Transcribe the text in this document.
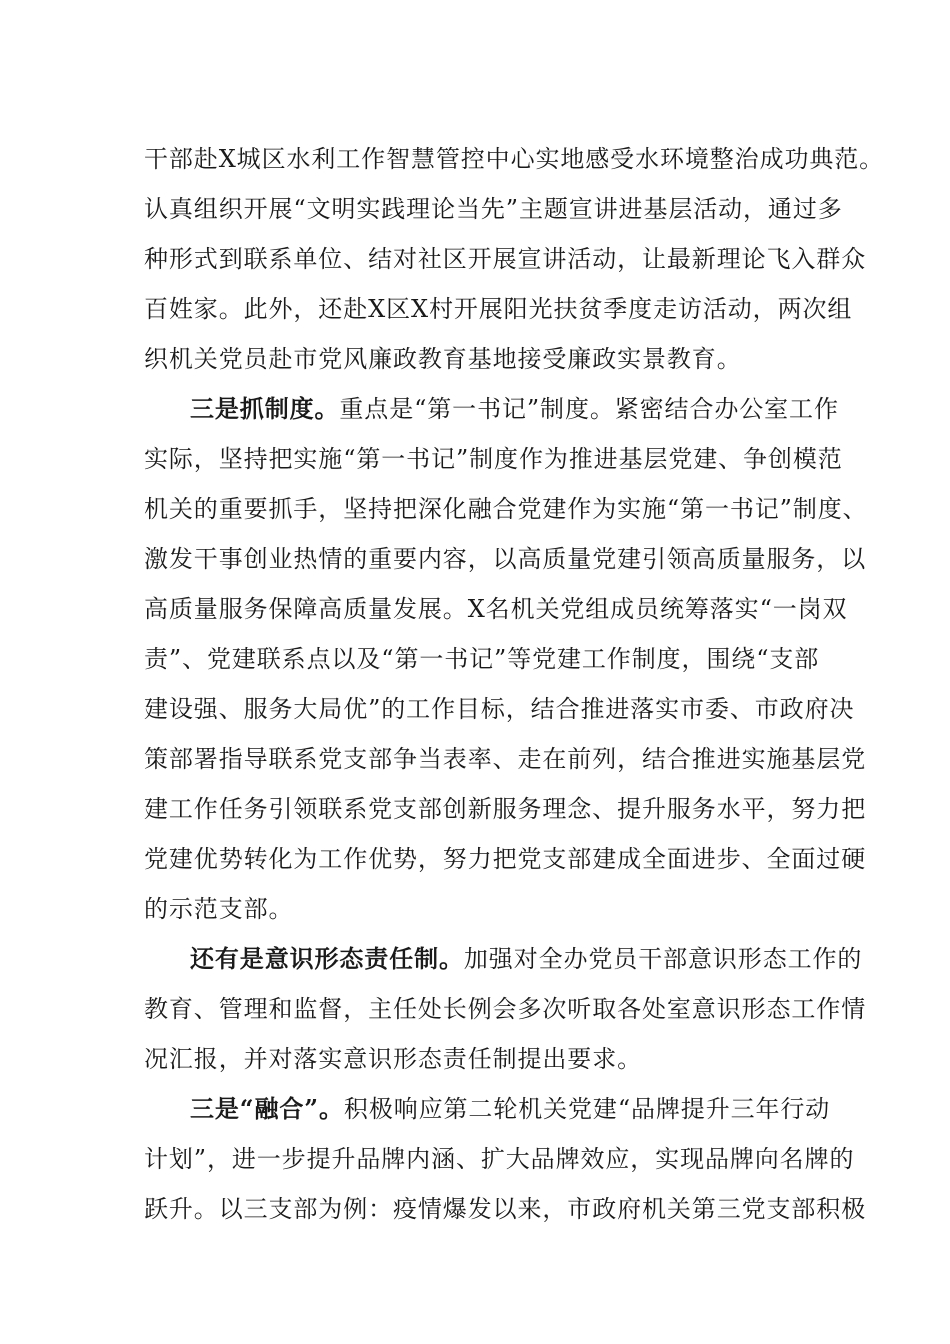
干部赴Ⅹ城区水利工作智慧管控中心实地感受水环境整治成功典范。
认真组织开展“文明实践理论当先”主题宣讲进基层活动，通过多
种形式到联系单位、结对社区开展宣讲活动，让最新理论飞入群众
百姓家。此外，还赴Ⅹ区Ⅹ村开展阳光扶贫季度走访活动，两次组
织机关党员赴市党风廉政教育基地接受廉政实景教育。
三是抓制度。重点是“第一书记”制度。紧密结合办公室工作
实际，坚持把实施“第一书记”制度作为推进基层党建、争创模范
机关的重要抓手，坚持把深化融合党建作为实施“第一书记”制度、
激发干事创业热情的重要内容，以高质量党建引领高质量服务，以
高质量服务保障高质量发展。Ⅹ名机关党组成员统筹落实“一岗双
责”、党建联系点以及“第一书记”等党建工作制度，围绕“支部
建设强、服务大局优”的工作目标，结合推进落实市委、市政府决
策部署指导联系党支部争当表率、走在前列，结合推进实施基层党
建工作任务引领联系党支部创新服务理念、提升服务水平，努力把
党建优势转化为工作优势，努力把党支部建成全面进步、全面过硬
的示范支部。
还有是意识形态责任制。加强对全办党员干部意识形态工作的
教育、管理和监督，主任处长例会多次听取各处室意识形态工作情
况汇报，并对落实意识形态责任制提出要求。
三是“融合”。积极响应第二轮机关党建“品牌提升三年行动
计划”，进一步提升品牌内涵、扩大品牌效应，实现品牌向名牌的
跃升。以三支部为例：疫情爆发以来，市政府机关第三党支部积极
